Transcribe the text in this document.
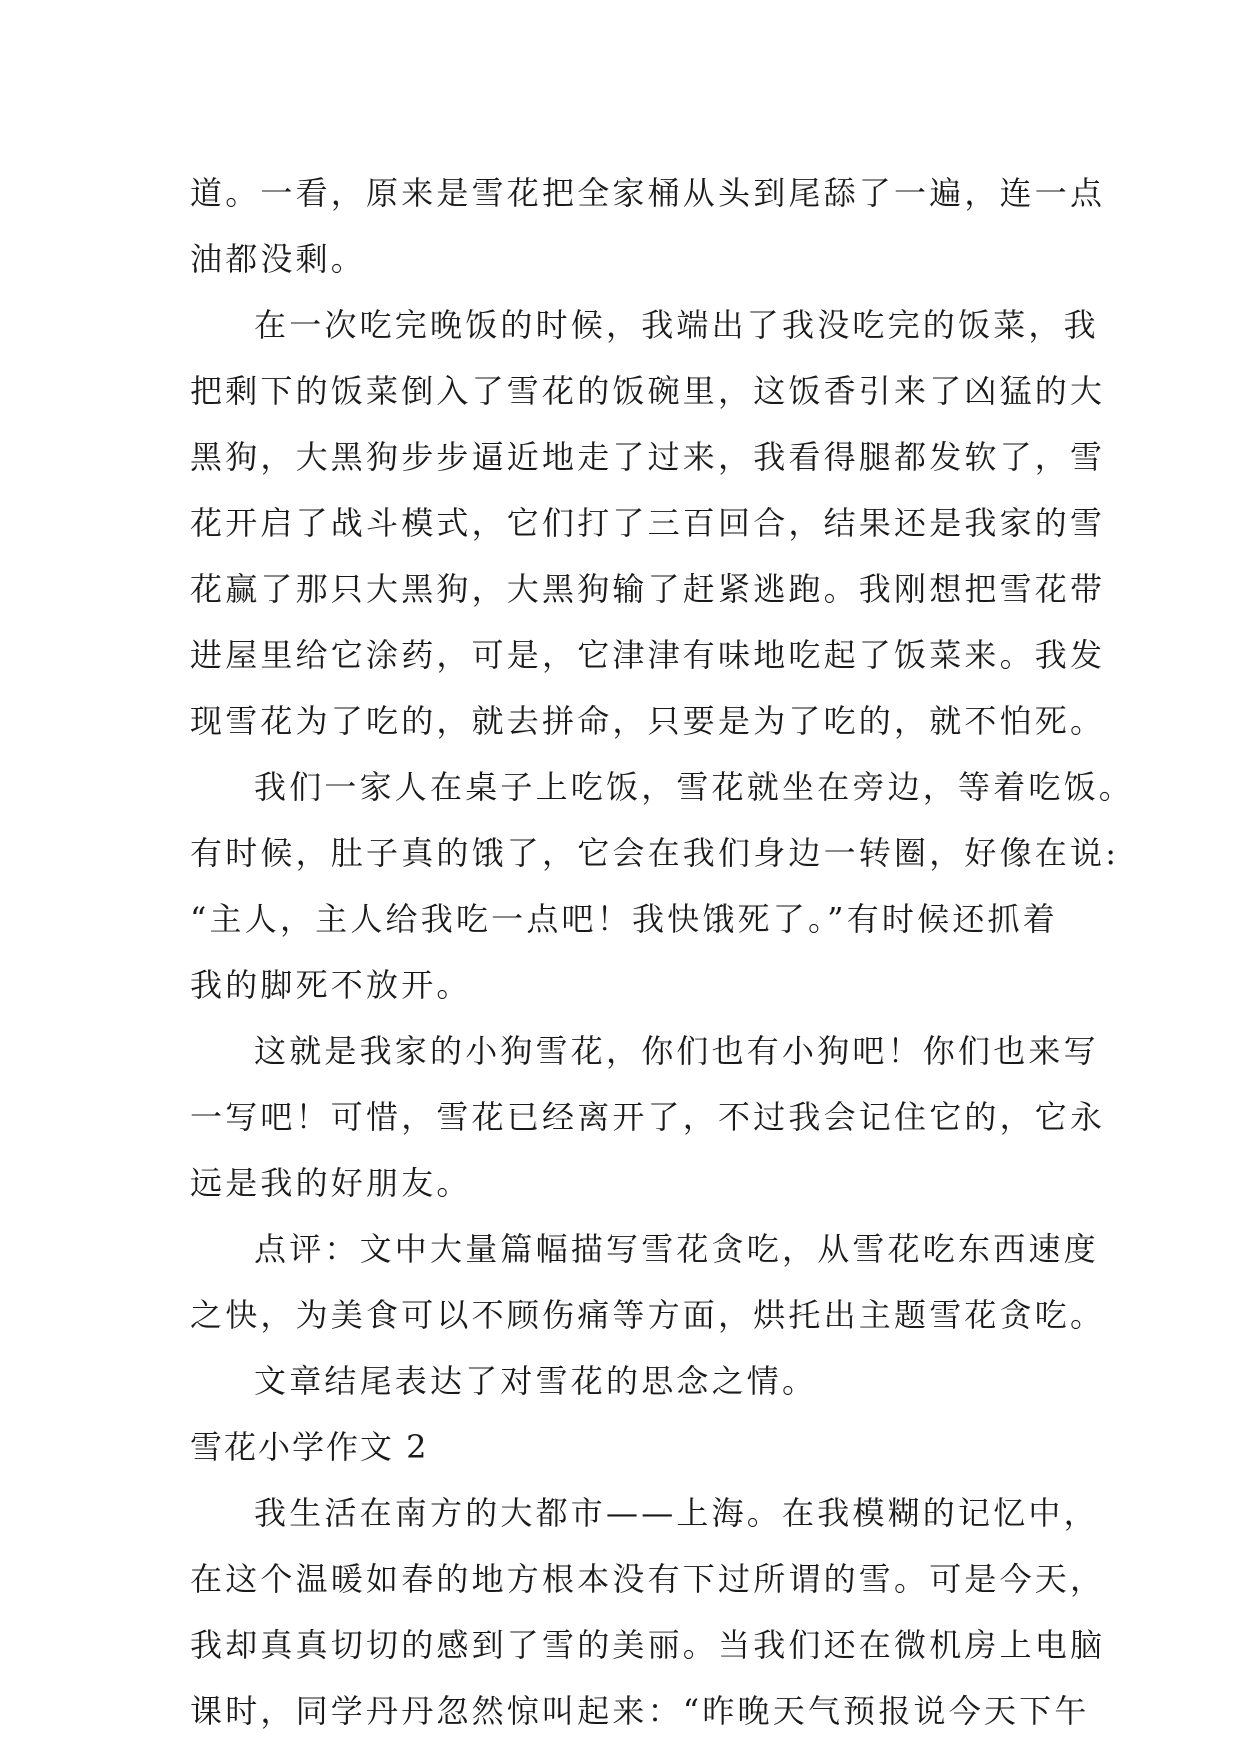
道。一看，原来是雪花把全家桶从头到尾舔了一遍，连一点
油都没剩。
在一次吃完晚饭的时候，我端出了我没吃完的饭菜，我
把剩下的饭菜倒入了雪花的饭碗里，这饭香引来了凶猛的大
黑狗，大黑狗步步逼近地走了过来，我看得腿都发软了，雪
花开启了战斗模式，它们打了三百回合，结果还是我家的雪
花赢了那只大黑狗，大黑狗输了赶紧逃跑。我刚想把雪花带
进屋里给它涂药，可是，它津津有味地吃起了饭菜来。我发
现雪花为了吃的，就去拼命，只要是为了吃的，就不怕死。
我们一家人在桌子上吃饭，雪花就坐在旁边，等着吃饭。
有时候，肚子真的饿了，它会在我们身边一转圈，好像在说:
“主人，主人给我吃一点吧！我快饿死了。”有时候还抓着
我的脚死不放开。
这就是我家的小狗雪花，你们也有小狗吧！你们也来写
一写吧！可惜，雪花已经离开了，不过我会记住它的，它永
远是我的好朋友。
点评：文中大量篇幅描写雪花贪吃，从雪花吃东西速度
之快，为美食可以不顾伤痛等方面，烘托出主题雪花贪吃。
文章结尾表达了对雪花的思念之情。
雪花小学作文 2
我生活在南方的大都市——上海。在我模糊的记忆中，
在这个温暖如春的地方根本没有下过所谓的雪。可是今天，
我却真真切切的感到了雪的美丽。当我们还在微机房上电脑
课时，同学丹丹忽然惊叫起来：“昨晚天气预报说今天下午
